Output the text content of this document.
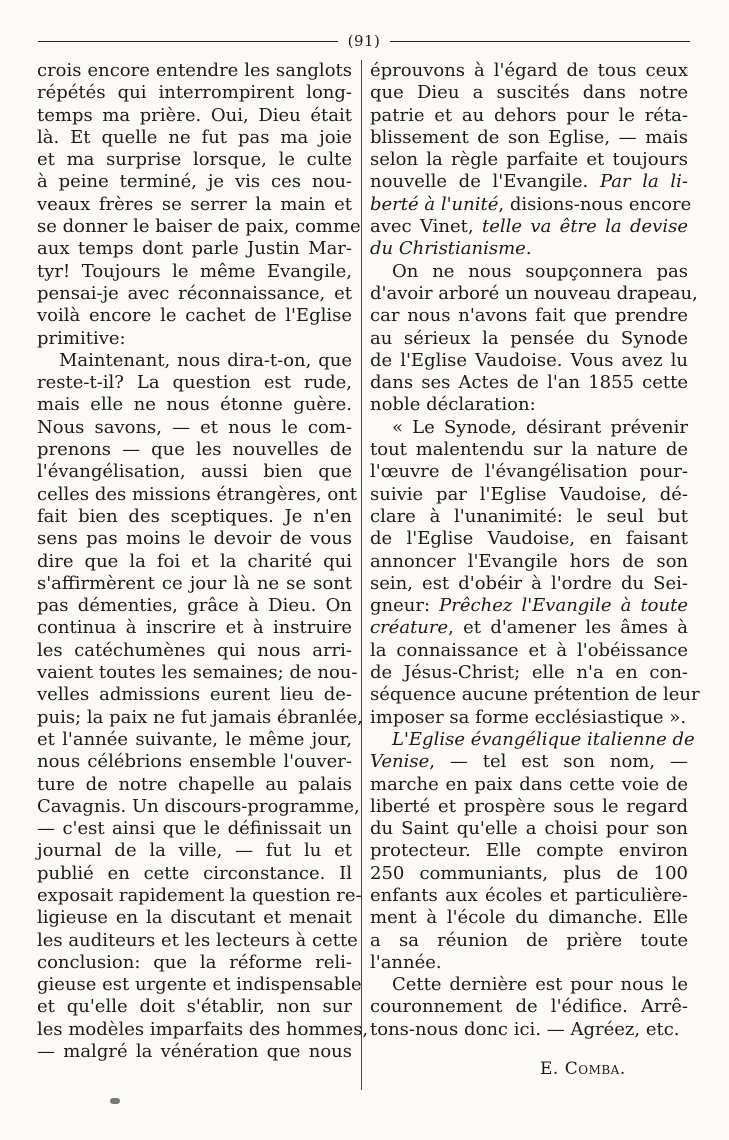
(91)
crois encore entendre les sanglots
répétés qui interrompirent long-
temps ma prière. Oui, Dieu était
là. Et quelle ne fut pas ma joie
et ma surprise lorsque, le culte
à peine terminé, je vis ces nou-
veaux frères se serrer la main et
se donner le baiser de paix, comme
aux temps dont parle Justin Mar-
tyr! Toujours le même Evangile,
pensai-je avec réconnaissance, et
voilà encore le cachet de l'Eglise
primitive:
Maintenant, nous dira-t-on, que
reste-t-il? La question est rude,
mais elle ne nous étonne guère.
Nous savons, — et nous le com-
prenons — que les nouvelles de
l'évangélisation, aussi bien que
celles des missions étrangères, ont
fait bien des sceptiques. Je n'en
sens pas moins le devoir de vous
dire que la foi et la charité qui
s'affirmèrent ce jour là ne se sont
pas démenties, grâce à Dieu. On
continua à inscrire et à instruire
les catéchumènes qui nous arri-
vaient toutes les semaines; de nou-
velles admissions eurent lieu de-
puis; la paix ne fut jamais ébranlée,
et l'année suivante, le même jour,
nous célébrions ensemble l'ouver-
ture de notre chapelle au palais
Cavagnis. Un discours-programme,
— c'est ainsi que le définissait un
journal de la ville, — fut lu et
publié en cette circonstance. Il
exposait rapidement la question re-
ligieuse en la discutant et menait
les auditeurs et les lecteurs à cette
conclusion: que la réforme reli-
gieuse est urgente et indispensable
et qu'elle doit s'établir, non sur
les modèles imparfaits des hommes,
— malgré la vénération que nous
éprouvons à l'égard de tous ceux
que Dieu a suscités dans notre
patrie et au dehors pour le réta-
blissement de son Eglise, — mais
selon la règle parfaite et toujours
nouvelle de l'Evangile. Par la li-
berté à l'unité, disions-nous encore
avec Vinet, telle va être la devise
du Christianisme.
On ne nous soupçonnera pas
d'avoir arboré un nouveau drapeau,
car nous n'avons fait que prendre
au sérieux la pensée du Synode
de l'Eglise Vaudoise. Vous avez lu
dans ses Actes de l'an 1855 cette
noble déclaration:
« Le Synode, désirant prévenir
tout malentendu sur la nature de
l'œuvre de l'évangélisation pour-
suivie par l'Eglise Vaudoise, dé-
clare à l'unanimité: le seul but
de l'Eglise Vaudoise, en faisant
annoncer l'Evangile hors de son
sein, est d'obéir à l'ordre du Sei-
gneur: Prêchez l'Evangile à toute
créature, et d'amener les âmes à
la connaissance et à l'obéissance
de Jésus-Christ; elle n'a en con-
séquence aucune prétention de leur
imposer sa forme ecclésiastique ».
L'Eglise évangélique italienne de
Venise, — tel est son nom, —
marche en paix dans cette voie de
liberté et prospère sous le regard
du Saint qu'elle a choisi pour son
protecteur. Elle compte environ
250 communiants, plus de 100
enfants aux écoles et particulière-
ment à l'école du dimanche. Elle
a sa réunion de prière toute
l'année.
Cette dernière est pour nous le
couronnement de l'édifice. Arrê-
tons-nous donc ici. — Agréez, etc.
E. Comba.
